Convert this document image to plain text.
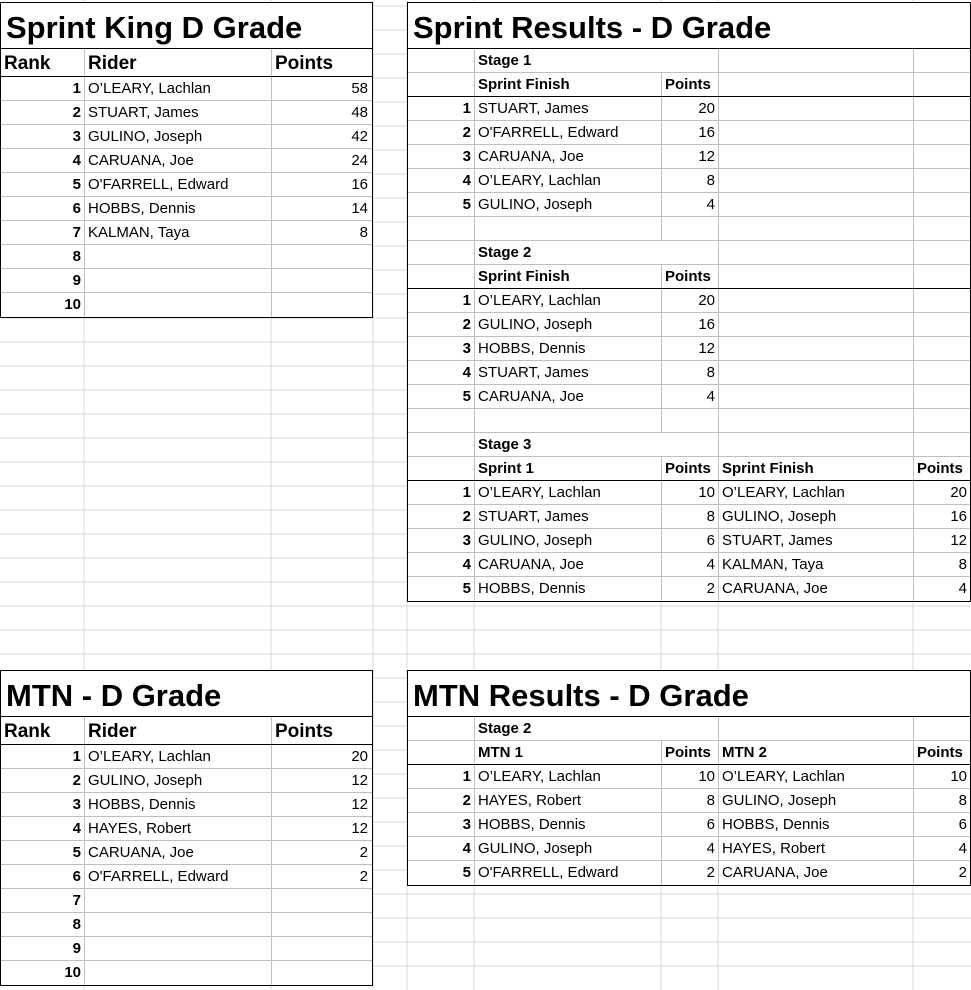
Sprint King D Grade
Rank	Rider	Points
1 O’LEARY, Lachlan	58
2 STUART, James	48
3 GULINO, Joseph	42
4 CARUANA, Joe	24
5 O'FARRELL, Edward	16
6 HOBBS, Dennis	14
7 KALMAN, Taya	8
8
9
10
Sprint Results - D Grade
Stage 1
Sprint Finish	Points
1 STUART, James	20
2 O'FARRELL, Edward	16
3 CARUANA, Joe	12
4 O’LEARY, Lachlan	8
5 GULINO, Joseph	4
Stage 2
Sprint Finish	Points
1 O’LEARY, Lachlan	20
2 GULINO, Joseph	16
3 HOBBS, Dennis	12
4 STUART, James	8
5 CARUANA, Joe	4
Stage 3
Sprint 1	Points Sprint Finish	Points
1 O’LEARY, Lachlan	10 O’LEARY, Lachlan	20
2 STUART, James	8 GULINO, Joseph	16
3 GULINO, Joseph	6 STUART, James	12
4 CARUANA, Joe	4 KALMAN, Taya	8
5 HOBBS, Dennis	2 CARUANA, Joe	4
MTN - D Grade
Rank	Rider	Points
1 O’LEARY, Lachlan	20
2 GULINO, Joseph	12
3 HOBBS, Dennis	12
4 HAYES, Robert	12
5 CARUANA, Joe	2
6 O'FARRELL, Edward	2
7
8
9
10
MTN Results - D Grade
Stage 2
MTN 1	Points MTN 2	Points
1 O’LEARY, Lachlan	10 O’LEARY, Lachlan	10
2 HAYES, Robert	8 GULINO, Joseph	8
3 HOBBS, Dennis	6 HOBBS, Dennis	6
4 GULINO, Joseph	4 HAYES, Robert	4
5 O'FARRELL, Edward	2 CARUANA, Joe	2
